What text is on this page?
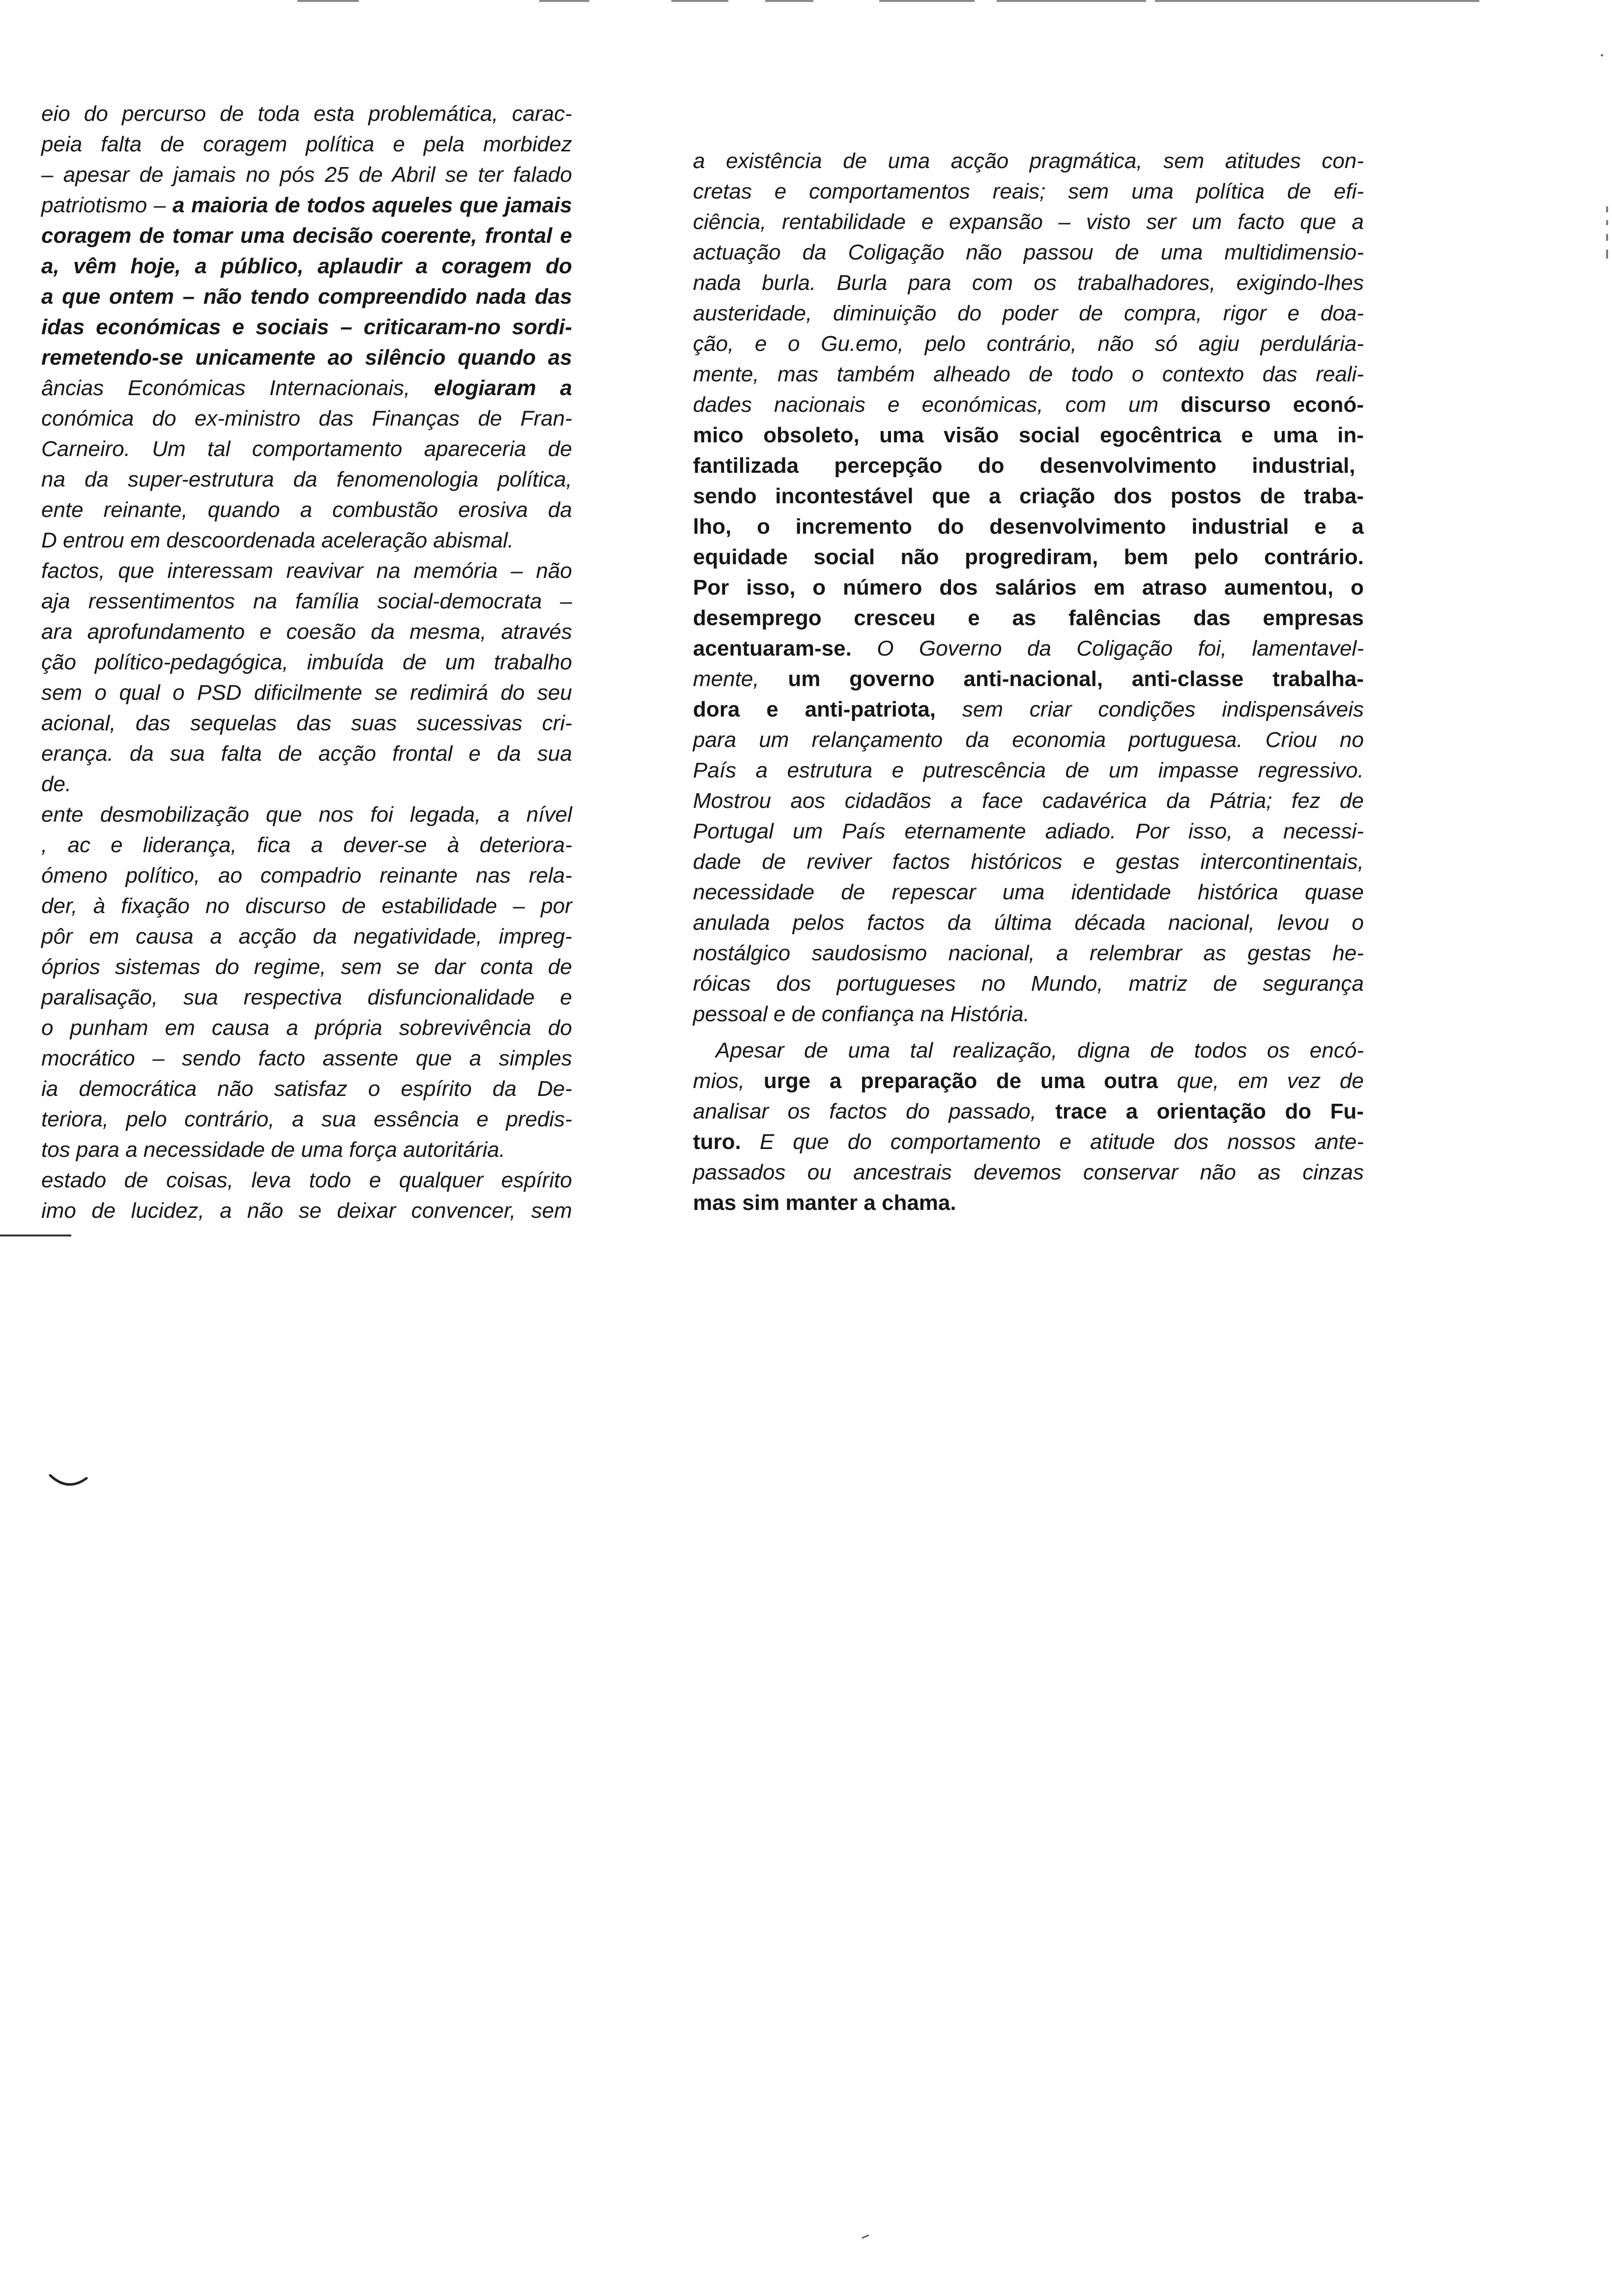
eio do percurso de toda esta problemática, carac-
peia falta de coragem política e pela morbidez
– apesar de jamais no pós 25 de Abril se ter falado
patriotismo – a maioria de todos aqueles que jamais
coragem de tomar uma decisão coerente, frontal e
a, vêm hoje, a público, aplaudir a coragem do
a que ontem – não tendo compreendido nada das
idas económicas e sociais – criticaram-no sordi-
remetendo-se unicamente ao silêncio quando as
âncias Económicas Internacionais, elogiaram a
conómica do ex-ministro das Finanças de Fran-
Carneiro. Um tal comportamento apareceria de
na da super-estrutura da fenomenologia política,
ente reinante, quando a combustão erosiva da
D entrou em descoordenada aceleração abismal.
factos, que interessam reavivar na memória – não
aja ressentimentos na família social-democrata –
ara aprofundamento e coesão da mesma, através
ção político-pedagógica, imbuída de um trabalho
sem o qual o PSD dificilmente se redimirá do seu
acional, das sequelas das suas sucessivas cri-
erança. da sua falta de acção frontal e da sua
de.
ente desmobilização que nos foi legada, a nível
, ac e liderança, fica a dever-se à deteriora-
ómeno político, ao compadrio reinante nas rela-
der, à fixação no discurso de estabilidade – por
pôr em causa a acção da negatividade, impreg-
óprios sistemas do regime, sem se dar conta de
paralisação, sua respectiva disfuncionalidade e
o punham em causa a própria sobrevivência do
mocrático – sendo facto assente que a simples
ia democrática não satisfaz o espírito da De-
teriora, pelo contrário, a sua essência e predis-
tos para a necessidade de uma força autoritária.
estado de coisas, leva todo e qualquer espírito
imo de lucidez, a não se deixar convencer, sem
a existência de uma acção pragmática, sem atitudes con-
cretas e comportamentos reais; sem uma política de efi-
ciência, rentabilidade e expansão – visto ser um facto que a
actuação da Coligação não passou de uma multidimensio-
nada burla. Burla para com os trabalhadores, exigindo-lhes
austeridade, diminuição do poder de compra, rigor e doa-
ção, e o Gu.emo, pelo contrário, não só agiu perdulária-
mente, mas também alheado de todo o contexto das reali-
dades nacionais e económicas, com um discurso econó-
mico obsoleto, uma visão social egocêntrica e uma in-
fantilizada percepção do desenvolvimento industrial,
sendo incontestável que a criação dos postos de traba-
lho, o incremento do desenvolvimento industrial e a
equidade social não progrediram, bem pelo contrário.
Por isso, o número dos salários em atraso aumentou, o
desemprego cresceu e as falências das empresas
acentuaram-se. O Governo da Coligação foi, lamentavel-
mente, um governo anti-nacional, anti-classe trabalha-
dora e anti-patriota, sem criar condições indispensáveis
para um relançamento da economia portuguesa. Criou no
País a estrutura e putrescência de um impasse regressivo.
Mostrou aos cidadãos a face cadavérica da Pátria; fez de
Portugal um País eternamente adiado. Por isso, a necessi-
dade de reviver factos históricos e gestas intercontinentais,
necessidade de repescar uma identidade histórica quase
anulada pelos factos da última década nacional, levou o
nostálgico saudosismo nacional, a relembrar as gestas he-
róicas dos portugueses no Mundo, matriz de segurança
pessoal e de confiança na História.
Apesar de uma tal realização, digna de todos os encó-
mios, urge a preparação de uma outra que, em vez de
analisar os factos do passado, trace a orientação do Fu-
turo. E que do comportamento e atitude dos nossos ante-
passados ou ancestrais devemos conservar não as cinzas
mas sim manter a chama.
